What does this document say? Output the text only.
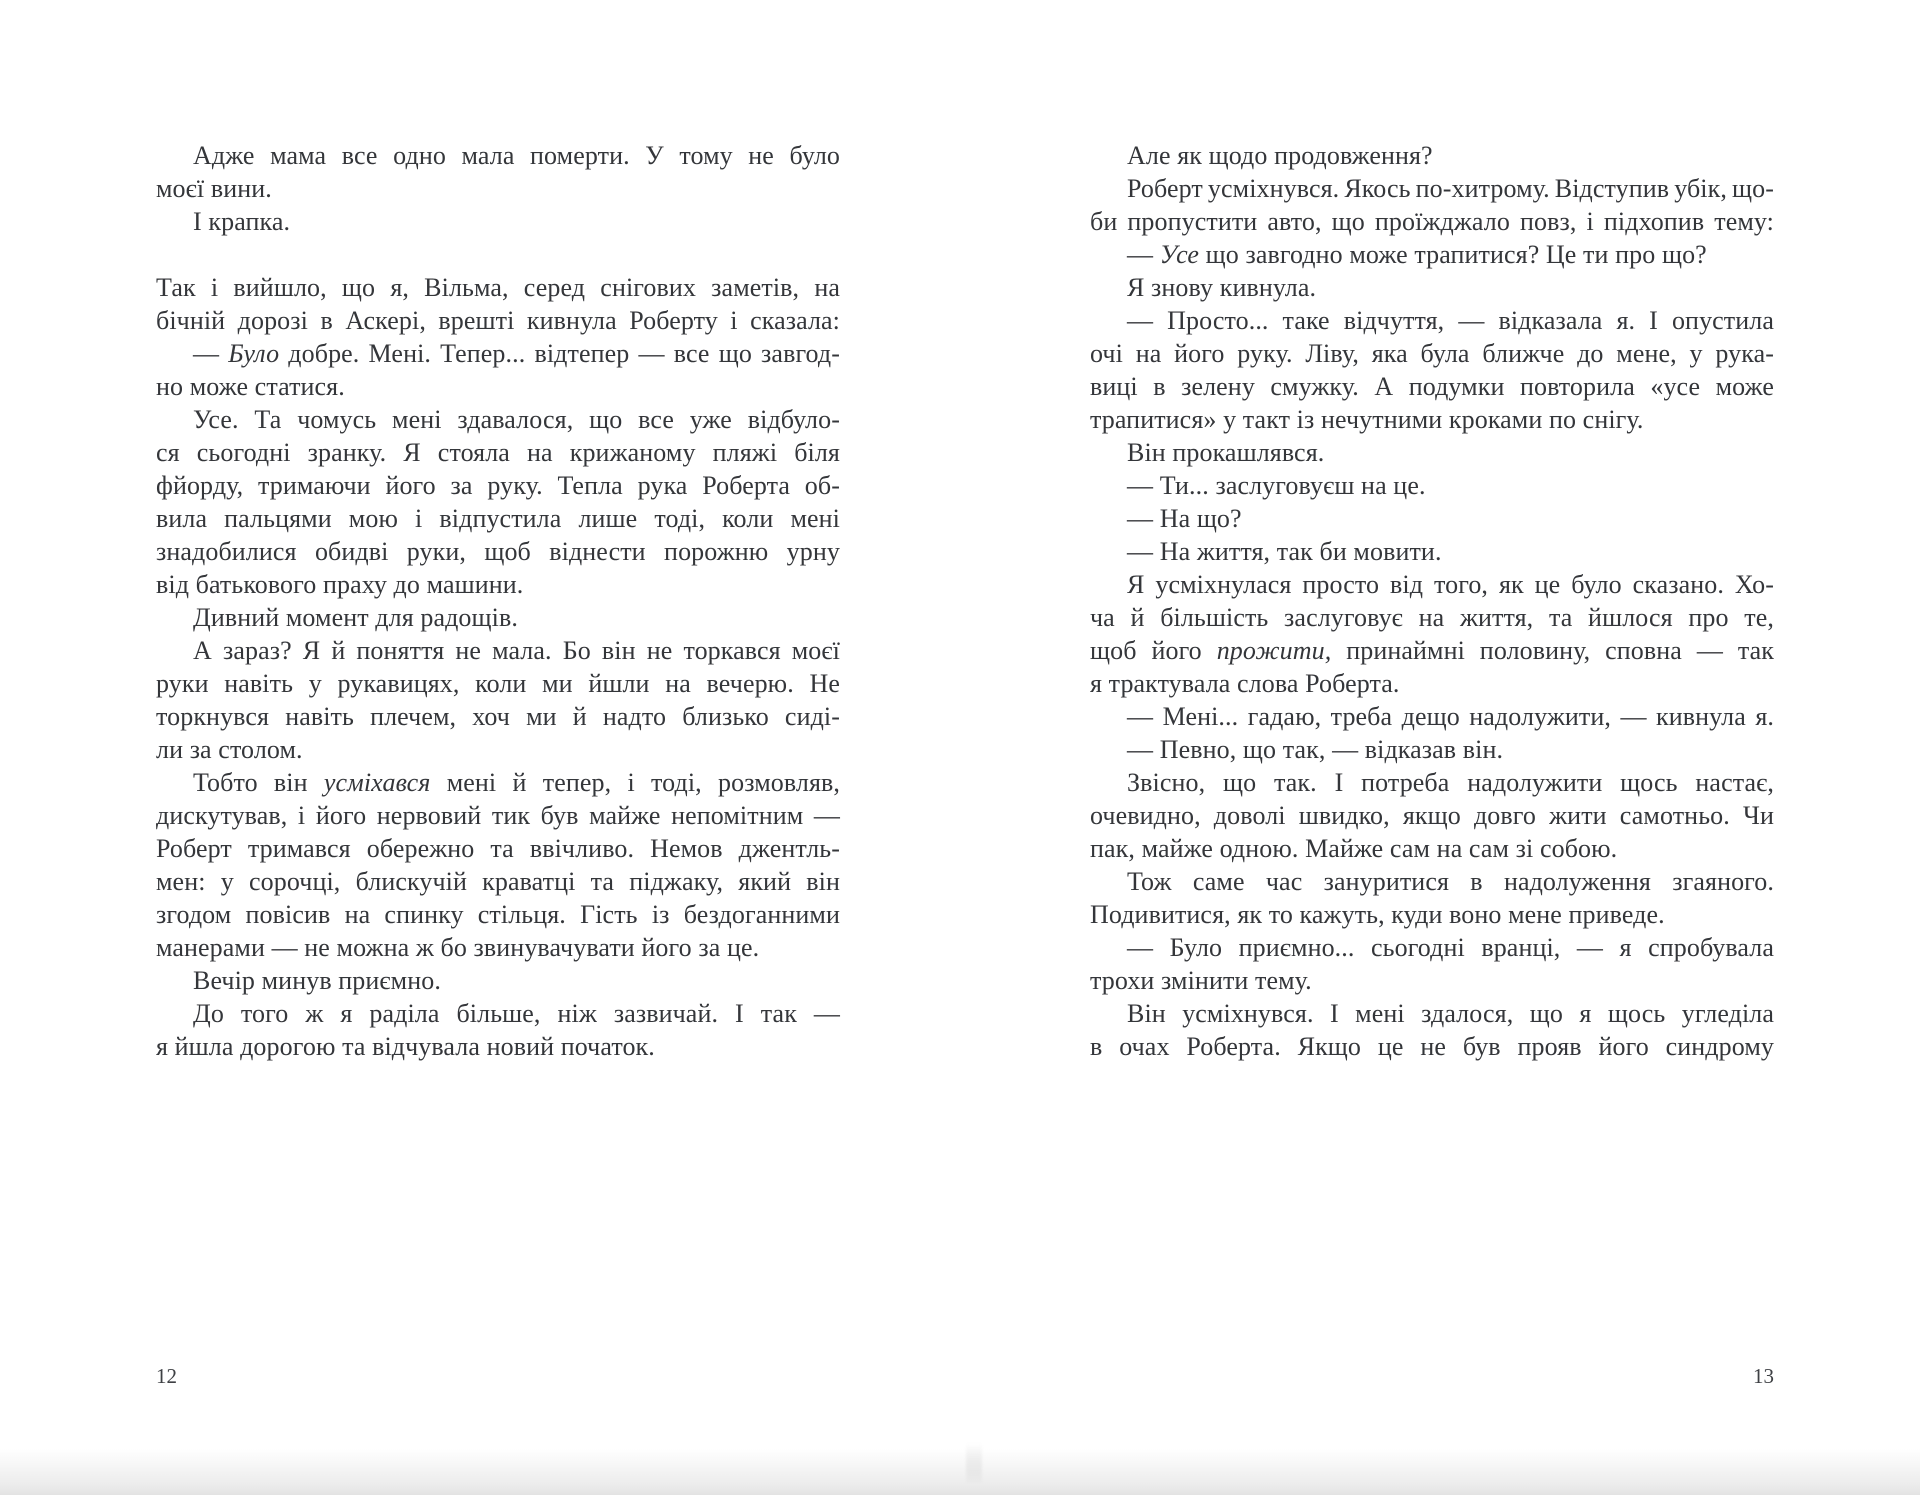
Адже мама все одно мала померти. У тому не було
моєї вини.
І крапка.
Так і вийшло, що я, Вільма, серед снігових заметів, на
бічній дорозі в Аскері, врешті кивнула Роберту і сказала:
— Було добре. Мені. Тепер... відтепер — все що завгод-
но може статися.
Усе. Та чомусь мені здавалося, що все уже відбуло-
ся сьогодні зранку. Я стояла на крижаному пляжі біля
фйорду, тримаючи його за руку. Тепла рука Роберта об-
вила пальцями мою і відпустила лише тоді, коли мені
знадобилися обидві руки, щоб віднести порожню урну
від батькового праху до машини.
Дивний момент для радощів.
А зараз? Я й поняття не мала. Бо він не торкався моєї
руки навіть у рукавицях, коли ми йшли на вечерю. Не
торкнувся навіть плечем, хоч ми й надто близько сиді-
ли за столом.
Тобто він усміхався мені й тепер, і тоді, розмовляв,
дискутував, і його нервовий тик був майже непомітним —
Роберт тримався обережно та ввічливо. Немов джентль-
мен: у сорочці, блискучій краватці та піджаку, який він
згодом повісив на спинку стільця. Гість із бездоганними
манерами — не можна ж бо звинувачувати його за це.
Вечір минув приємно.
До того ж я раділа більше, ніж зазвичай. І так —
я йшла дорогою та відчувала новий початок.
12
Але як щодо продовження?
Роберт усміхнувся. Якось по-хитрому. Відступив убік, що-
би пропустити авто, що проїжджало повз, і підхопив тему:
— Усе що завгодно може трапитися? Це ти про що?
Я знову кивнула.
— Просто... таке відчуття, — відказала я. І опустила
очі на його руку. Ліву, яка була ближче до мене, у рука-
виці в зелену смужку. А подумки повторила «усе може
трапитися» у такт із нечутними кроками по снігу.
Він прокашлявся.
— Ти... заслуговуєш на це.
— На що?
— На життя, так би мовити.
Я усміхнулася просто від того, як це було сказано. Хо-
ча й більшість заслуговує на життя, та йшлося про те,
щоб його прожити, принаймні половину, сповна — так
я трактувала слова Роберта.
— Мені... гадаю, треба дещо надолужити, — кивнула я.
— Певно, що так, — відказав він.
Звісно, що так. І потреба надолужити щось настає,
очевидно, доволі швидко, якщо довго жити самотньо. Чи
пак, майже одною. Майже сам на сам зі собою.
Тож саме час зануритися в надолуження згаяного.
Подивитися, як то кажуть, куди воно мене приведе.
— Було приємно... сьогодні вранці, — я спробувала
трохи змінити тему.
Він усміхнувся. І мені здалося, що я щось угледіла
в очах Роберта. Якщо це не був прояв його синдрому
13
